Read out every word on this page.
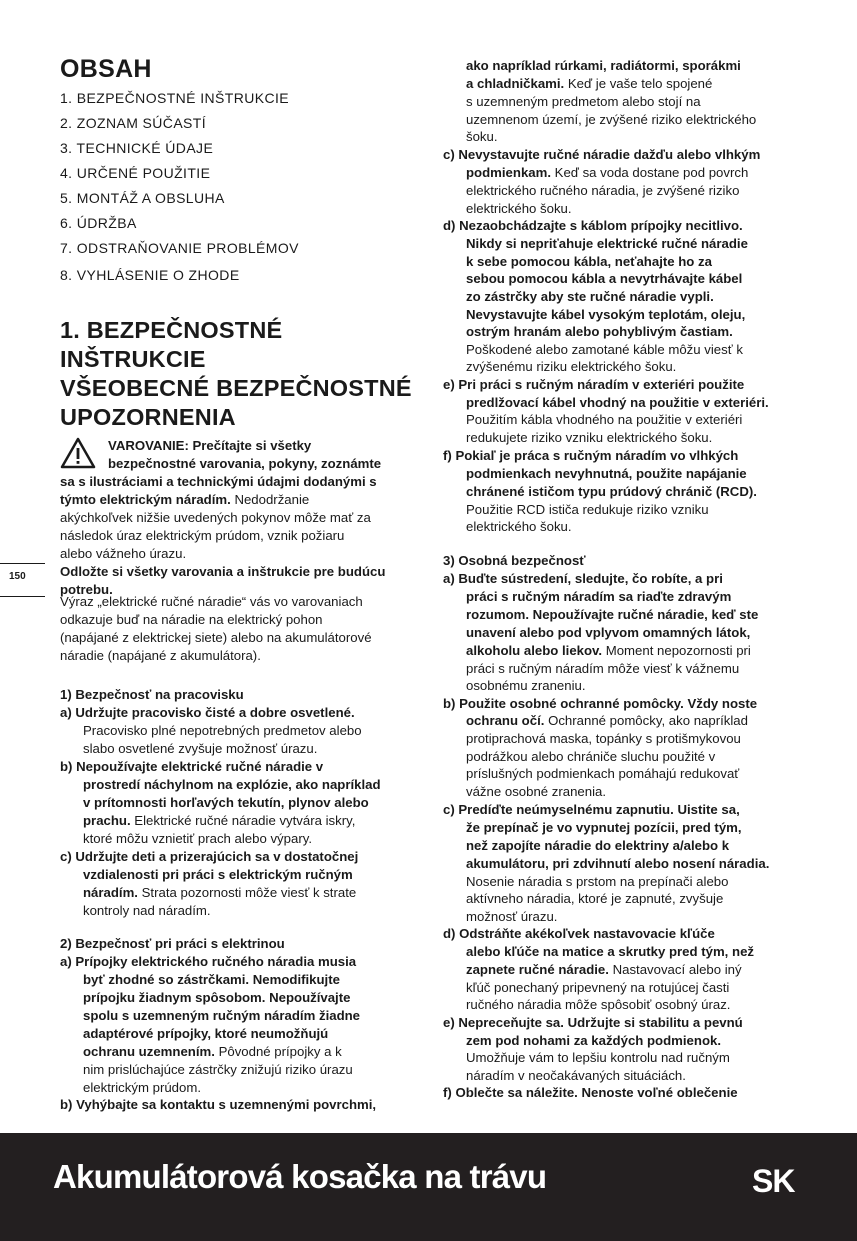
OBSAH
1. BEZPEČNOSTNÉ INŠTRUKCIE
2. ZOZNAM SÚČASTÍ
3. TECHNICKÉ ÚDAJE
4. URČENÉ POUŽITIE
5. MONTÁŽ A OBSLUHA
6. ÚDRŽBA
7. ODSTRAŇOVANIE PROBLÉMOV
8. VYHLÁSENIE O ZHODE
1. BEZPEČNOSTNÉ
INŠTRUKCIE
VŠEOBECNÉ BEZPEČNOSTNÉ
UPOZORNENIA
VAROVANIE: Prečítajte si všetky
bezpečnostné varovania, pokyny, zoznámte
sa s ilustráciami a technickými údajmi dodanými s
týmto elektrickým náradím. Nedodržanie
akýchkoľvek nižšie uvedených pokynov môže mať za
následok úraz elektrickým prúdom, vznik požiaru
alebo vážneho úrazu.
Odložte si všetky varovania a inštrukcie pre budúcu
potrebu.
Výraz „elektrické ručné náradie“ vás vo varovaniach
odkazuje buď na náradie na elektrický pohon
(napájané z elektrickej siete) alebo na akumulátorové
náradie (napájané z akumulátora).
1) Bezpečnosť na pracovisku
a) Udržujte pracovisko čisté a dobre osvetlené.
Pracovisko plné nepotrebných predmetov alebo
slabo osvetlené zvyšuje možnosť úrazu.
b) Nepoužívajte elektrické ručné náradie v
prostredí náchylnom na explózie, ako napríklad
v prítomnosti horľavých tekutín, plynov alebo
prachu. Elektrické ručné náradie vytvára iskry,
ktoré môžu vznietiť prach alebo výpary.
c) Udržujte deti a prizerajúcich sa v dostatočnej
vzdialenosti pri práci s elektrickým ručným
náradím. Strata pozornosti môže viesť k strate
kontroly nad náradím.
2) Bezpečnosť pri práci s elektrinou
a) Prípojky elektrického ručného náradia musia
byť zhodné so zástrčkami. Nemodifikujte
prípojku žiadnym spôsobom. Nepoužívajte
spolu s uzemneným ručným náradím žiadne
adaptérové prípojky, ktoré neumožňujú
ochranu uzemnením. Pôvodné prípojky a k
nim prislúchajúce zástrčky znižujú riziko úrazu
elektrickým prúdom.
b) Vyhýbajte sa kontaktu s uzemnenými povrchmi,
ako napríklad rúrkami, radiátormi, sporákmi
a chladničkami. Keď je vaše telo spojené
s uzemneným predmetom alebo stojí na
uzemnenom území, je zvýšené riziko elektrického
šoku.
c) Nevystavujte ručné náradie dažďu alebo vlhkým
podmienkam. Keď sa voda dostane pod povrch
elektrického ručného náradia, je zvýšené riziko
elektrického šoku.
d) Nezaobchádzajte s káblom prípojky necitlivo.
Nikdy si nepriťahuje elektrické ručné náradie
k sebe pomocou kábla, neťahajte ho za
sebou pomocou kábla a nevytrhávajte kábel
zo zástrčky aby ste ručné náradie vypli.
Nevystavujte kábel vysokým teplotám, oleju,
ostrým hranám alebo pohyblivým častiam.
Poškodené alebo zamotané káble môžu viesť k
zvýšenému riziku elektrického šoku.
e) Pri práci s ručným náradím v exteriéri použite
predlžovací kábel vhodný na použitie v exteriéri.
Použitím kábla vhodného na použitie v exteriéri
redukujete riziko vzniku elektrického šoku.
f) Pokiaľ je práca s ručným náradím vo vlhkých
podmienkach nevyhnutná, použite napájanie
chránené ističom typu prúdový chránič (RCD).
Použitie RCD ističa redukuje riziko vzniku
elektrického šoku.
3) Osobná bezpečnosť
a) Buďte sústredení, sledujte, čo robíte, a pri
práci s ručným náradím sa riaďte zdravým
rozumom. Nepoužívajte ručné náradie, keď ste
unavení alebo pod vplyvom omamných látok,
alkoholu alebo liekov. Moment nepozornosti pri
práci s ručným náradím môže viesť k vážnemu
osobnému zraneniu.
b) Použite osobné ochranné pomôcky. Vždy noste
ochranu očí. Ochranné pomôcky, ako napríklad
protiprachová maska, topánky s protišmykovou
podrážkou alebo chrániče sluchu použité v
príslušných podmienkach pomáhajú redukovať
vážne osobné zranenia.
c) Predíďte neúmyselnému zapnutiu. Uistite sa,
že prepínač je vo vypnutej pozícii, pred tým,
než zapojíte náradie do elektriny a/alebo k
akumulátoru, pri zdvihnutí alebo nosení náradia.
Nosenie náradia s prstom na prepínači alebo
aktívneho náradia, ktoré je zapnuté, zvyšuje
možnosť úrazu.
d) Odstráňte akékoľvek nastavovacie kľúče
alebo kľúče na matice a skrutky pred tým, než
zapnete ručné náradie. Nastavovací alebo iný
kľúč ponechaný pripevnený na rotujúcej časti
ručného náradia môže spôsobiť osobný úraz.
e) Nepreceňujte sa. Udržujte si stabilitu a pevnú
zem pod nohami za každých podmienok.
Umožňuje vám to lepšiu kontrolu nad ručným
náradím v neočakávaných situáciách.
f) Oblečte sa náležite. Nenoste voľné oblečenie
150
Akumulátorová kosačka na trávu	SK
